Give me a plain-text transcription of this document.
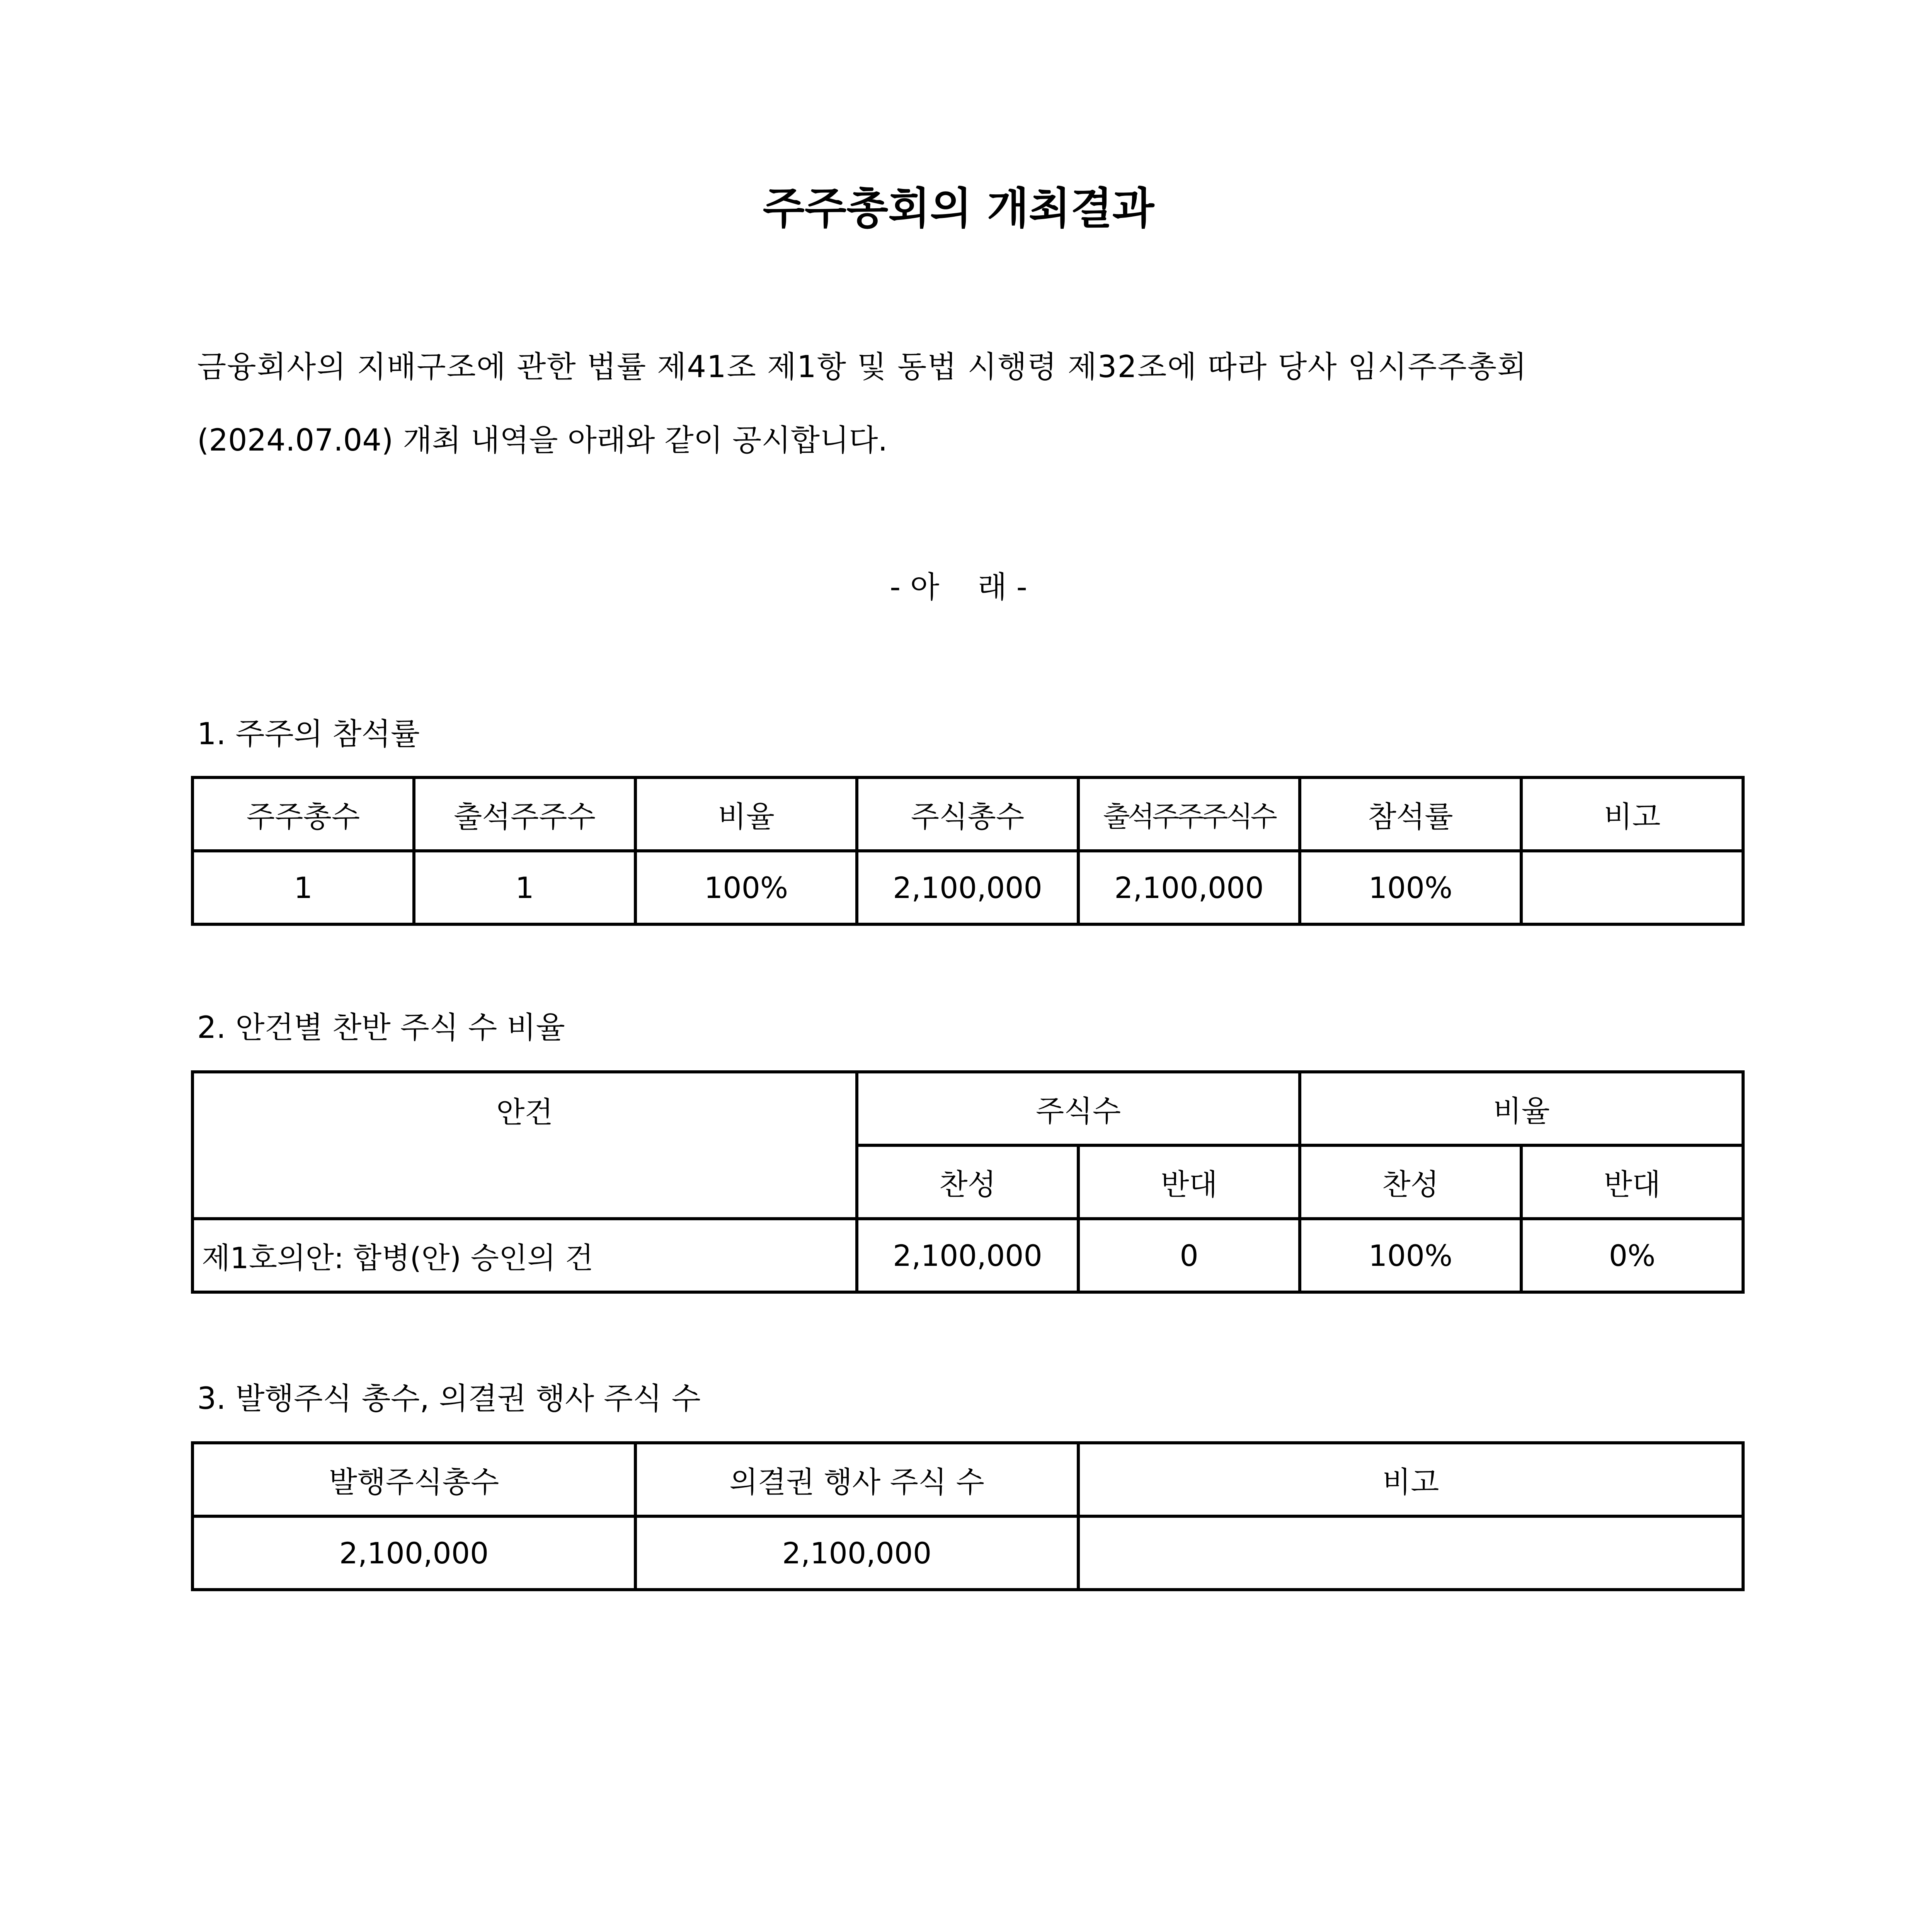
주주총회의 개최결과
금융회사의 지배구조에 관한 법률 제41조 제1항 및 동법 시행령 제32조에 따라 당사 임시주주총회
(2024.07.04) 개최 내역을 아래와 같이 공시합니다.
- 아    래 -
1. 주주의 참석률
주주총수	출석주주수	비율	주식총수	출석주주주식수	참석률	비고
1	1	100%	2,100,000	2,100,000	100%	
2. 안건별 찬반 주식 수 비율
안건	주식수		비율	
	찬성	반대	찬성	반대
제1호의안: 합병(안) 승인의 건	2,100,000	0	100%	0%
3. 발행주식 총수, 의결권 행사 주식 수
발행주식총수	의결권 행사 주식 수	비고
2,100,000	2,100,000	
